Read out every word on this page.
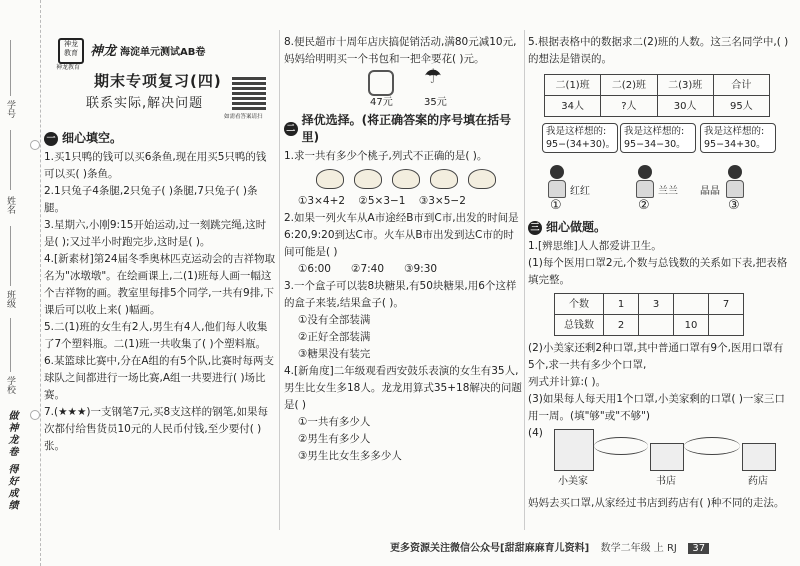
学号
姓名
班级
学校
做神龙卷 得好成绩
神龙 教育
神龙教育
神龙 海淀单元测试AB卷
期末专项复习(四)
联系实际,解决问题
如需看答案请扫
一 细心填空。

1.买1只鸭的钱可以买6条鱼,现在用买5只鸭的钱可以买( )条鱼。

2.1只兔子4条腿,2只兔子( )条腿,7只兔子( )条腿。

3.星期六,小刚9:15开始运动,过一刻跳完绳,这时是( );又过半小时跑完步,这时是( )。

4.[新素材]第24届冬季奥林匹克运动会的吉祥物取名为"冰墩墩"。在绘画课上,二(1)班每人画一幅这个吉祥物的画。教室里每排5个同学,一共有9排,下课后可以收上来( )幅画。

5.二(1)班的女生有2人,男生有4人,他们每人收集了7个塑料瓶。二(1)班一共收集了( )个塑料瓶。

6.某篮球比赛中,分在A组的有5个队,比赛时每两支球队之间都进行一场比赛,A组一共要进行( )场比赛。

7.(★★★)一支钢笔7元,买8支这样的钢笔,如果每次都付给售货员10元的人民币付钱,至少要付( )张。

8.便民超市十周年店庆搞促销活动,满80元减10元,妈妈给明明买一个书包和一把伞要花( )元。

☂
47元	35元
二
择优选择。(将正确答案的序号填在括号里)

1.求一共有多少个桃子,列式不正确的是( )。

①3×4+2 ②5×3−1 ③3×5−2

2.如果一列火车从A市途经B市到C市,出发的时间是6:20,9:20到达C市。火车从B市出发到达C市的时间可能是( )

①6:00 ②7:40 ③9:30

3.一个盒子可以装8块糖果,有50块糖果,用6个这样的盒子来装,结果盒子( )。

①没有全部装满

②正好全部装满

③糖果没有装完

4.[新角度]二年级观看西安鼓乐表演的女生有35人,男生比女生多18人。龙龙用算式35+18解决的问题是( )

①一共有多少人

②男生有多少人

③男生比女生多多少人

5.根据表格中的数据求二(2)班的人数。这三名同学中,( )的想法是错误的。

二(1)班	二(2)班	二(3)班	合计
34人	?人	30人	95人
我是这样想的:
95−(34+30)。
我是这样想的:
95−34−30。
我是这样想的:
95−34+30。
红红	兰兰 晶晶
①	②	③
三 细心做题。

1.[辨思维]人人都爱讲卫生。

(1)每个医用口罩2元,个数与总钱数的关系如下表,把表格填完整。

个数	1	3		7
总钱数	2		10	

(2)小美家还剩2种口罩,其中普通口罩有9个,医用口罩有5个,求一共有多少个口罩,

列式并计算:( )。

(3)如果每人每天用1个口罩,小美家剩的口罩( )一家三口用一周。(填"够"或"不够")

(4)
小美家	书店	药店

妈妈去买口罩,从家经过书店到药店有( )种不同的走法。

更多资源关注微信公众号[甜甜麻麻育儿资料] 数学二年级 上 RJ 37
